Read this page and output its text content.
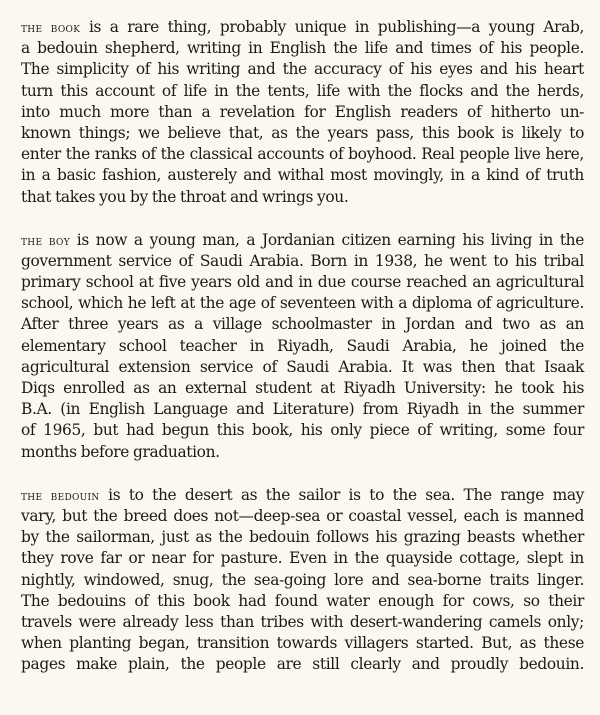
the book is a rare thing, probably unique in publishing—a young Arab,
a bedouin shepherd, writing in English the life and times of his people.
The simplicity of his writing and the accuracy of his eyes and his heart
turn this account of life in the tents, life with the flocks and the herds,
into much more than a revelation for English readers of hitherto un-
known things; we believe that, as the years pass, this book is likely to
enter the ranks of the classical accounts of boyhood. Real people live here,
in a basic fashion, austerely and withal most movingly, in a kind of truth
that takes you by the throat and wrings you.
the boy is now a young man, a Jordanian citizen earning his living in the
government service of Saudi Arabia. Born in 1938, he went to his tribal
primary school at five years old and in due course reached an agricultural
school, which he left at the age of seventeen with a diploma of agriculture.
After three years as a village schoolmaster in Jordan and two as an
elementary school teacher in Riyadh, Saudi Arabia, he joined the
agricultural extension service of Saudi Arabia. It was then that Isaak
Diqs enrolled as an external student at Riyadh University: he took his
B.A. (in English Language and Literature) from Riyadh in the summer
of 1965, but had begun this book, his only piece of writing, some four
months before graduation.
the bedouin is to the desert as the sailor is to the sea. The range may
vary, but the breed does not—deep-sea or coastal vessel, each is manned
by the sailorman, just as the bedouin follows his grazing beasts whether
they rove far or near for pasture. Even in the quayside cottage, slept in
nightly, windowed, snug, the sea-going lore and sea-borne traits linger.
The bedouins of this book had found water enough for cows, so their
travels were already less than tribes with desert-wandering camels only;
when planting began, transition towards villagers started. But, as these
pages make plain, the people are still clearly and proudly bedouin.
